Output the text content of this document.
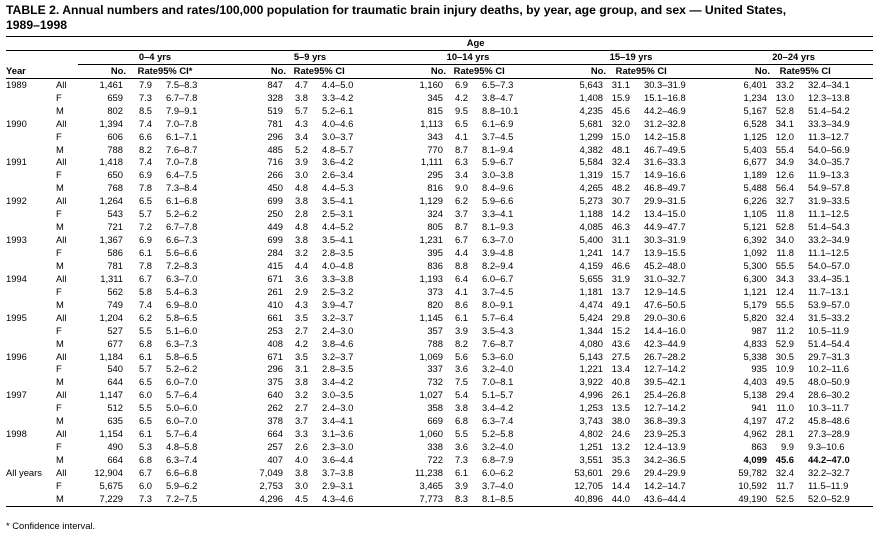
TABLE 2. Annual numbers and rates/100,000 population for traumatic brain injury deaths, by year, age group, and sex — United States, 1989–1998
		Age														
		0–4 yrs			5–9 yrs			10–14 yrs			15–19 yrs			20–24 yrs		
Year		No.	Rate	95% CI*	No.	Rate	95% CI	No.	Rate	95% CI	No.	Rate	95% CI	No.	Rate	95% CI
1989	All	1,461	7.9	7.5–8.3	847	4.7	4.4–5.0	1,160	6.9	6.5–7.3	5,643	31.1	30.3–31.9	6,401	33.2	32.4–34.1
	F	659	7.3	6.7–7.8	328	3.8	3.3–4.2	345	4.2	3.8–4.7	1,408	15.9	15.1–16.8	1,234	13.0	12.3–13.8
	M	802	8.5	7.9–9.1	519	5.7	5.2–6.1	815	9.5	8.8–10.1	4,235	45.6	44.2–46.9	5,167	52.8	51.4–54.2
1990	All	1,394	7.4	7.0–7.8	781	4.3	4.0–4.6	1,113	6.5	6.1–6.9	5,681	32.0	31.2–32.8	6,528	34.1	33.3–34.9
	F	606	6.6	6.1–7.1	296	3.4	3.0–3.7	343	4.1	3.7–4.5	1,299	15.0	14.2–15.8	1,125	12.0	11.3–12.7
	M	788	8.2	7.6–8.7	485	5.2	4.8–5.7	770	8.7	8.1–9.4	4,382	48.1	46.7–49.5	5,403	55.4	54.0–56.9
1991	All	1,418	7.4	7.0–7.8	716	3.9	3.6–4.2	1,111	6.3	5.9–6.7	5,584	32.4	31.6–33.3	6,677	34.9	34.0–35.7
	F	650	6.9	6.4–7.5	266	3.0	2.6–3.4	295	3.4	3.0–3.8	1,319	15.7	14.9–16.6	1,189	12.6	11.9–13.3
	M	768	7.8	7.3–8.4	450	4.8	4.4–5.3	816	9.0	8.4–9.6	4,265	48.2	46.8–49.7	5,488	56.4	54.9–57.8
1992	All	1,264	6.5	6.1–6.8	699	3.8	3.5–4.1	1,129	6.2	5.9–6.6	5,273	30.7	29.9–31.5	6,226	32.7	31.9–33.5
	F	543	5.7	5.2–6.2	250	2.8	2.5–3.1	324	3.7	3.3–4.1	1,188	14.2	13.4–15.0	1,105	11.8	11.1–12.5
	M	721	7.2	6.7–7.8	449	4.8	4.4–5.2	805	8.7	8.1–9.3	4,085	46.3	44.9–47.7	5,121	52.8	51.4–54.3
1993	All	1,367	6.9	6.6–7.3	699	3.8	3.5–4.1	1,231	6.7	6.3–7.0	5,400	31.1	30.3–31.9	6,392	34.0	33.2–34.9
	F	586	6.1	5.6–6.6	284	3.2	2.8–3.5	395	4.4	3.9–4.8	1,241	14.7	13.9–15.5	1,092	11.8	11.1–12.5
	M	781	7.8	7.2–8.3	415	4.4	4.0–4.8	836	8.8	8.2–9.4	4,159	46.6	45.2–48.0	5,300	55.5	54.0–57.0
1994	All	1,311	6.7	6.3–7.0	671	3.6	3.3–3.8	1,193	6.4	6.0–6.7	5,655	31.9	31.0–32.7	6,300	34.3	33.4–35.1
	F	562	5.8	5.4–6.3	261	2.9	2.5–3.2	373	4.1	3.7–4.5	1,181	13.7	12.9–14.5	1,121	12.4	11.7–13.1
	M	749	7.4	6.9–8.0	410	4.3	3.9–4.7	820	8.6	8.0–9.1	4,474	49.1	47.6–50.5	5,179	55.5	53.9–57.0
1995	All	1,204	6.2	5.8–6.5	661	3.5	3.2–3.7	1,145	6.1	5.7–6.4	5,424	29.8	29.0–30.6	5,820	32.4	31.5–33.2
	F	527	5.5	5.1–6.0	253	2.7	2.4–3.0	357	3.9	3.5–4.3	1,344	15.2	14.4–16.0	987	11.2	10.5–11.9
	M	677	6.8	6.3–7.3	408	4.2	3.8–4.6	788	8.2	7.6–8.7	4,080	43.6	42.3–44.9	4,833	52.9	51.4–54.4
1996	All	1,184	6.1	5.8–6.5	671	3.5	3.2–3.7	1,069	5.6	5.3–6.0	5,143	27.5	26.7–28.2	5,338	30.5	29.7–31.3
	F	540	5.7	5.2–6.2	296	3.1	2.8–3.5	337	3.6	3.2–4.0	1,221	13.4	12.7–14.2	935	10.9	10.2–11.6
	M	644	6.5	6.0–7.0	375	3.8	3.4–4.2	732	7.5	7.0–8.1	3,922	40.8	39.5–42.1	4,403	49.5	48.0–50.9
1997	All	1,147	6.0	5.7–6.4	640	3.2	3.0–3.5	1,027	5.4	5.1–5.7	4,996	26.1	25.4–26.8	5,138	29.4	28.6–30.2
	F	512	5.5	5.0–6.0	262	2.7	2.4–3.0	358	3.8	3.4–4.2	1,253	13.5	12.7–14.2	941	11.0	10.3–11.7
	M	635	6.5	6.0–7.0	378	3.7	3.4–4.1	669	6.8	6.3–7.4	3,743	38.0	36.8–39.3	4,197	47.2	45.8–48.6
1998	All	1,154	6.1	5.7–6.4	664	3.3	3.1–3.6	1,060	5.5	5.2–5.8	4,802	24.6	23.9–25.3	4,962	28.1	27.3–28.9
	F	490	5.3	4.8–5.8	257	2.6	2.3–3.0	338	3.6	3.2–4.0	1,251	13.2	12.4–13.9	863	9.9	9.3–10.6
	M	664	6.8	6.3–7.4	407	4.0	3.6–4.4	722	7.3	6.8–7.9	3,551	35.3	34.2–36.5	4,099	45.6	44.2–47.0
All years	All	12,904	6.7	6.6–6.8	7,049	3.8	3.7–3.8	11,238	6.1	6.0–6.2	53,601	29.6	29.4–29.9	59,782	32.4	32.2–32.7
	F	5,675	6.0	5.9–6.2	2,753	3.0	2.9–3.1	3,465	3.9	3.7–4.0	12,705	14.4	14.2–14.7	10,592	11.7	11.5–11.9
	M	7,229	7.3	7.2–7.5	4,296	4.5	4.3–4.6	7,773	8.3	8.1–8.5	40,896	44.0	43.6–44.4	49,190	52.5	52.0–52.9
* Confidence interval.
